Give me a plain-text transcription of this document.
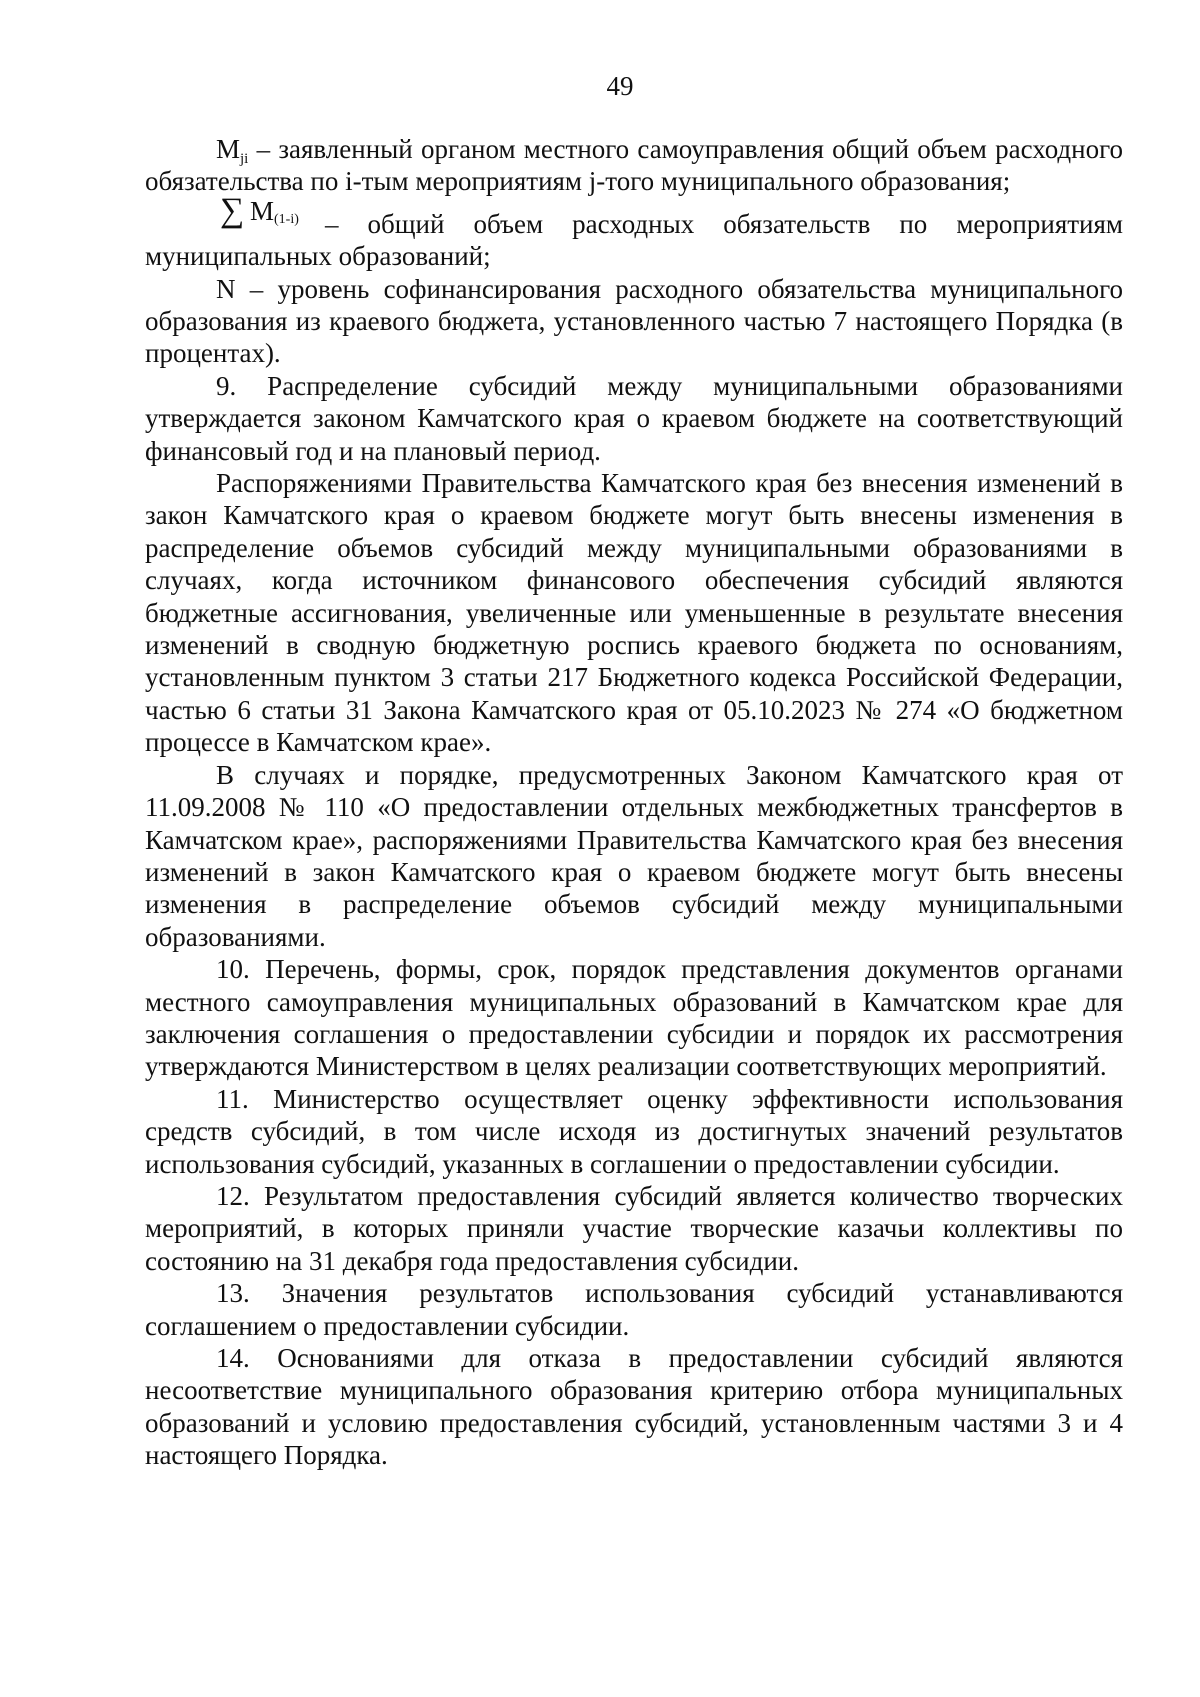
49

$M_{ji}$ – заявленный органом местного самоуправления общий объем расходного обязательства по i-тым мероприятиям j-того муниципального образования;

∑ M(1-i) – общий объем расходных обязательств по мероприятиям

муниципальных образований;

N – уровень софинансирования расходного обязательства муниципального образования из краевого бюджета, установленного частью 7 настоящего Порядка (в процентах).

9. Распределение субсидий между муниципальными образованиями утверждается законом Камчатского края о краевом бюджете на соответствующий финансовый год и на плановый период.

Распоряжениями Правительства Камчатского края без внесения изменений в закон Камчатского края о краевом бюджете могут быть внесены изменения в распределение объемов субсидий между муниципальными образованиями в случаях, когда источником финансового обеспечения субсидий являются бюджетные ассигнования, увеличенные или уменьшенные в результате внесения изменений в сводную бюджетную роспись краевого бюджета по основаниям, установленным пунктом 3 статьи 217 Бюджетного кодекса Российской Федерации, частью 6 статьи 31 Закона Камчатского края от 05.10.2023 № 274 «О бюджетном процессе в Камчатском крае».

В случаях и порядке, предусмотренных Законом Камчатского края от 11.09.2008 № 110 «О предоставлении отдельных межбюджетных трансфертов в Камчатском крае», распоряжениями Правительства Камчатского края без внесения изменений в закон Камчатского края о краевом бюджете могут быть внесены изменения в распределение объемов субсидий между муниципальными образованиями.

10. Перечень, формы, срок, порядок представления документов органами местного самоуправления муниципальных образований в Камчатском крае для заключения соглашения о предоставлении субсидии и порядок их рассмотрения утверждаются Министерством в целях реализации соответствующих мероприятий.

11. Министерство осуществляет оценку эффективности использования средств субсидий, в том числе исходя из достигнутых значений результатов использования субсидий, указанных в соглашении о предоставлении субсидии.

12. Результатом предоставления субсидий является количество творческих мероприятий, в которых приняли участие творческие казачьи коллективы по состоянию на 31 декабря года предоставления субсидии.

13. Значения результатов использования субсидий устанавливаются соглашением о предоставлении субсидии.

14. Основаниями для отказа в предоставлении субсидий являются несоответствие муниципального образования критерию отбора муниципальных образований и условию предоставления субсидий, установленным частями 3 и 4 настоящего Порядка.
